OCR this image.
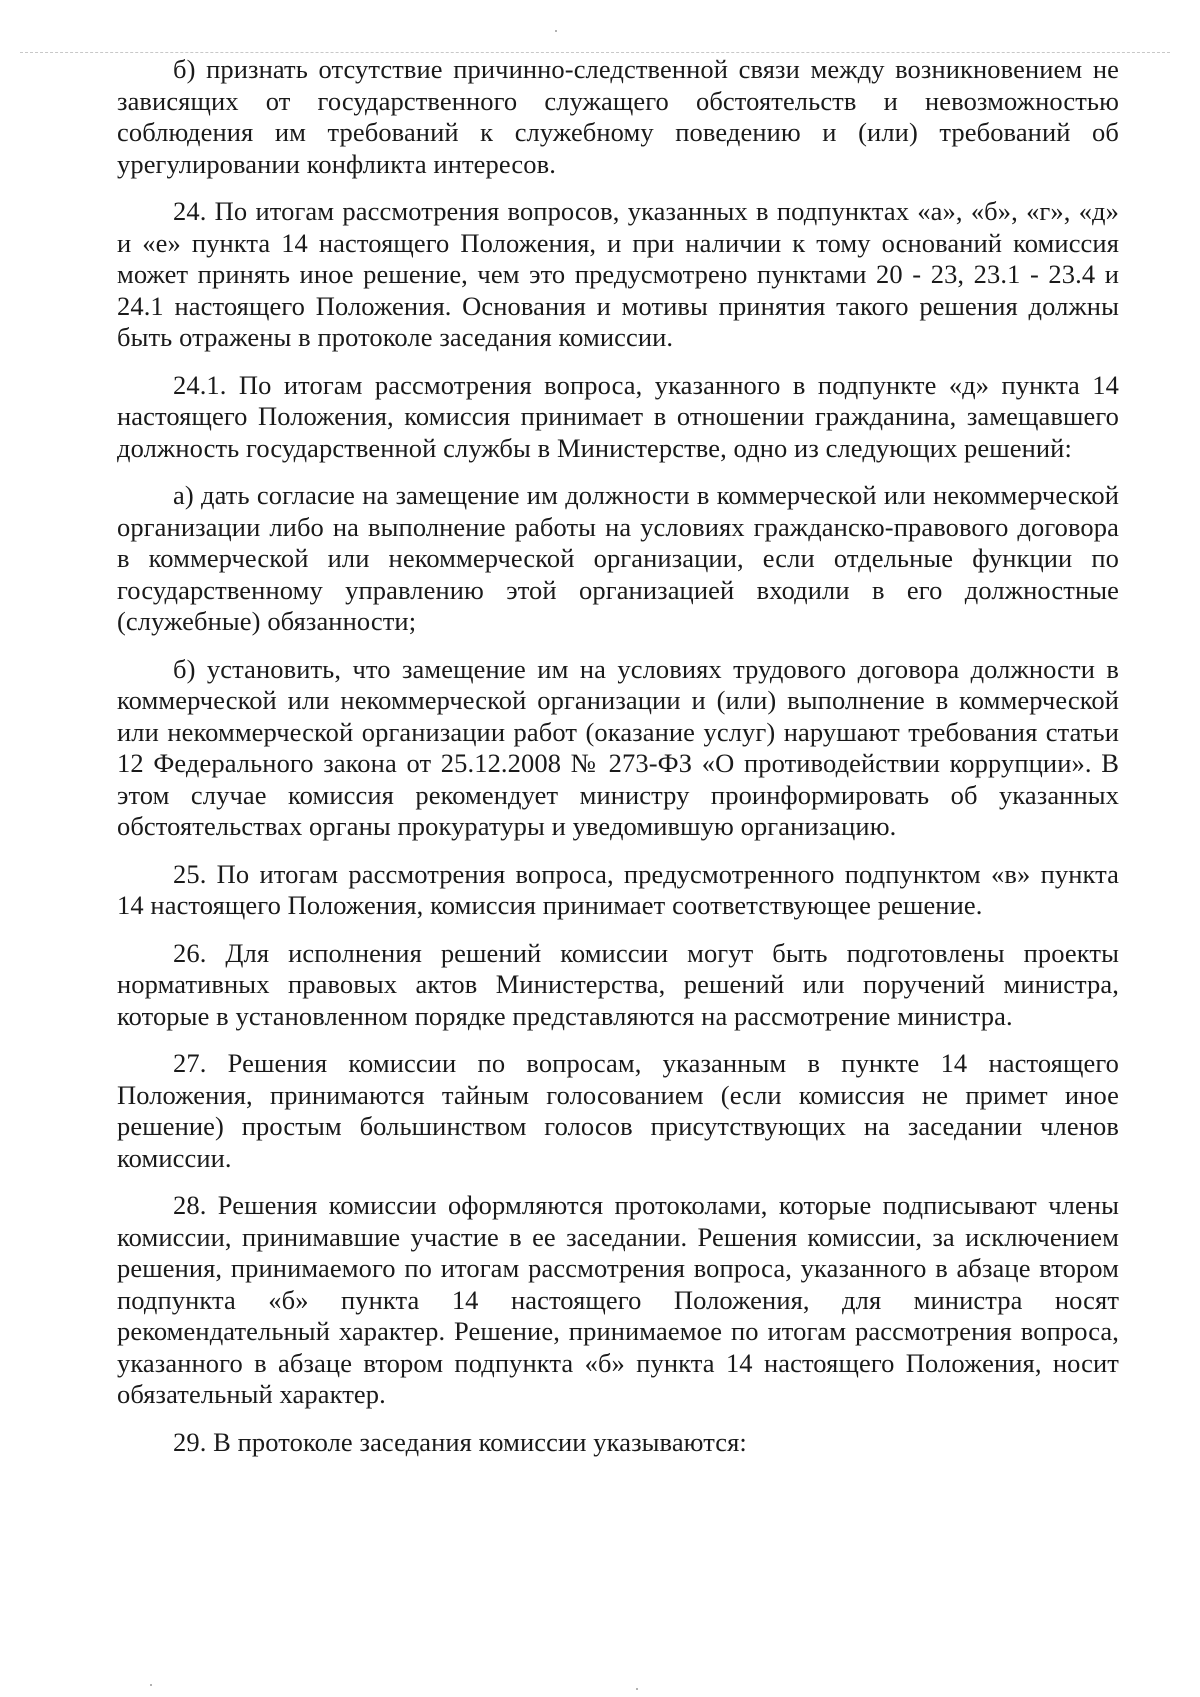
б) признать отсутствие причинно-следственной связи между возникновением не зависящих от государственного служащего обстоятельств и невозможностью соблюдения им требований к служебному поведению и (или) требований об урегулировании конфликта интересов.

24. По итогам рассмотрения вопросов, указанных в подпунктах «а», «б», «г», «д» и «е» пункта 14 настоящего Положения, и при наличии к тому оснований комиссия может принять иное решение, чем это предусмотрено пунктами 20 - 23, 23.1 - 23.4 и 24.1 настоящего Положения. Основания и мотивы принятия такого решения должны быть отражены в протоколе заседания комиссии.

24.1. По итогам рассмотрения вопроса, указанного в подпункте «д» пункта 14 настоящего Положения, комиссия принимает в отношении гражданина, замещавшего должность государственной службы в Министерстве, одно из следующих решений:

а) дать согласие на замещение им должности в коммерческой или некоммерческой организации либо на выполнение работы на условиях гражданско-правового договора в коммерческой или некоммерческой организации, если отдельные функции по государственному управлению этой организацией входили в его должностные (служебные) обязанности;

б) установить, что замещение им на условиях трудового договора должности в коммерческой или некоммерческой организации и (или) выполнение в коммерческой или некоммерческой организации работ (оказание услуг) нарушают требования статьи 12 Федерального закона от 25.12.2008 № 273-ФЗ «О противодействии коррупции». В этом случае комиссия рекомендует министру проинформировать об указанных обстоятельствах органы прокуратуры и уведомившую организацию.

25. По итогам рассмотрения вопроса, предусмотренного подпунктом «в» пункта 14 настоящего Положения, комиссия принимает соответствующее решение.

26. Для исполнения решений комиссии могут быть подготовлены проекты нормативных правовых актов Министерства, решений или поручений министра, которые в установленном порядке представляются на рассмотрение министра.

27. Решения комиссии по вопросам, указанным в пункте 14 настоящего Положения, принимаются тайным голосованием (если комиссия не примет иное решение) простым большинством голосов присутствующих на заседании членов комиссии.

28. Решения комиссии оформляются протоколами, которые подписывают члены комиссии, принимавшие участие в ее заседании. Решения комиссии, за исключением решения, принимаемого по итогам рассмотрения вопроса, указанного в абзаце втором подпункта «б» пункта 14 настоящего Положения, для министра носят рекомендательный характер. Решение, принимаемое по итогам рассмотрения вопроса, указанного в абзаце втором подпункта «б» пункта 14 настоящего Положения, носит обязательный характер.

29. В протоколе заседания комиссии указываются:
